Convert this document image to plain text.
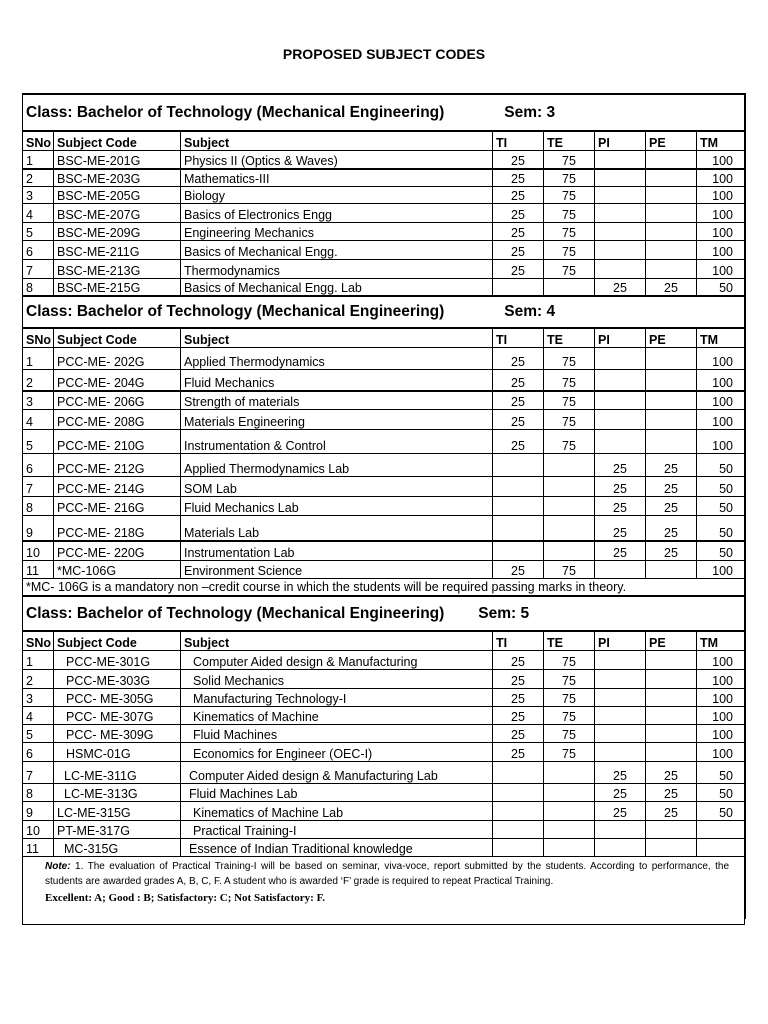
PROPOSED SUBJECT CODES
Class: Bachelor of Technology (Mechanical Engineering) Sem: 3							
SNo	Subject Code	Subject	TI	TE	PI	PE	TM
1	BSC-ME-201G	Physics II (Optics & Waves)	25	75			100
2	BSC-ME-203G	Mathematics-III	25	75			100
3	BSC-ME-205G	Biology	25	75			100
4	BSC-ME-207G	Basics of Electronics Engg	25	75			100
5	BSC-ME-209G	Engineering Mechanics	25	75			100
6	BSC-ME-211G	Basics of Mechanical Engg.	25	75			100
7	BSC-ME-213G	Thermodynamics	25	75			100
8	BSC-ME-215G	Basics of Mechanical Engg. Lab			25	25	50
Class: Bachelor of Technology (Mechanical Engineering) Sem: 4							
SNo	Subject Code	Subject	TI	TE	PI	PE	TM
1	PCC-ME- 202G	Applied Thermodynamics	25	75			100
2	PCC-ME- 204G	Fluid Mechanics	25	75			100
3	PCC-ME- 206G	Strength of materials	25	75			100
4	PCC-ME- 208G	Materials Engineering	25	75			100
5	PCC-ME- 210G	Instrumentation & Control	25	75			100
6	PCC-ME- 212G	Applied Thermodynamics Lab			25	25	50
7	PCC-ME- 214G	SOM Lab			25	25	50
8	PCC-ME- 216G	Fluid Mechanics Lab			25	25	50
9	PCC-ME- 218G	Materials Lab			25	25	50
10	PCC-ME- 220G	Instrumentation Lab			25	25	50
11	*MC-106G	Environment Science	25	75			100
*MC- 106G is a mandatory non –credit course in which the students will be required passing marks in theory.							
Class: Bachelor of Technology (Mechanical Engineering) Sem: 5							
SNo	Subject Code	Subject	TI	TE	PI	PE	TM
1	PCC-ME-301G	Computer Aided design & Manufacturing	25	75			100
2	PCC-ME-303G	Solid Mechanics	25	75			100
3	PCC- ME-305G	Manufacturing Technology-I	25	75			100
4	PCC- ME-307G	Kinematics of Machine	25	75			100
5	PCC- ME-309G	Fluid Machines	25	75			100
6	HSMC-01G	Economics for Engineer (OEC-I)	25	75			100
7	LC-ME-311G	Computer Aided design & Manufacturing Lab			25	25	50
8	LC-ME-313G	Fluid Machines Lab			25	25	50
9	LC-ME-315G	Kinematics of Machine Lab			25	25	50
10	PT-ME-317G	Practical Training-I					
11	MC-315G	Essence of Indian Traditional knowledge					
Note: 1. The evaluation of Practical Training-I will be based on seminar, viva-voce, report submitted by the students. According to performance, the students are awarded grades A, B, C, F. A student who is awarded ‘F’ grade is required to repeat Practical Training.
Excellent: A; Good : B; Satisfactory: C; Not Satisfactory: F.							
